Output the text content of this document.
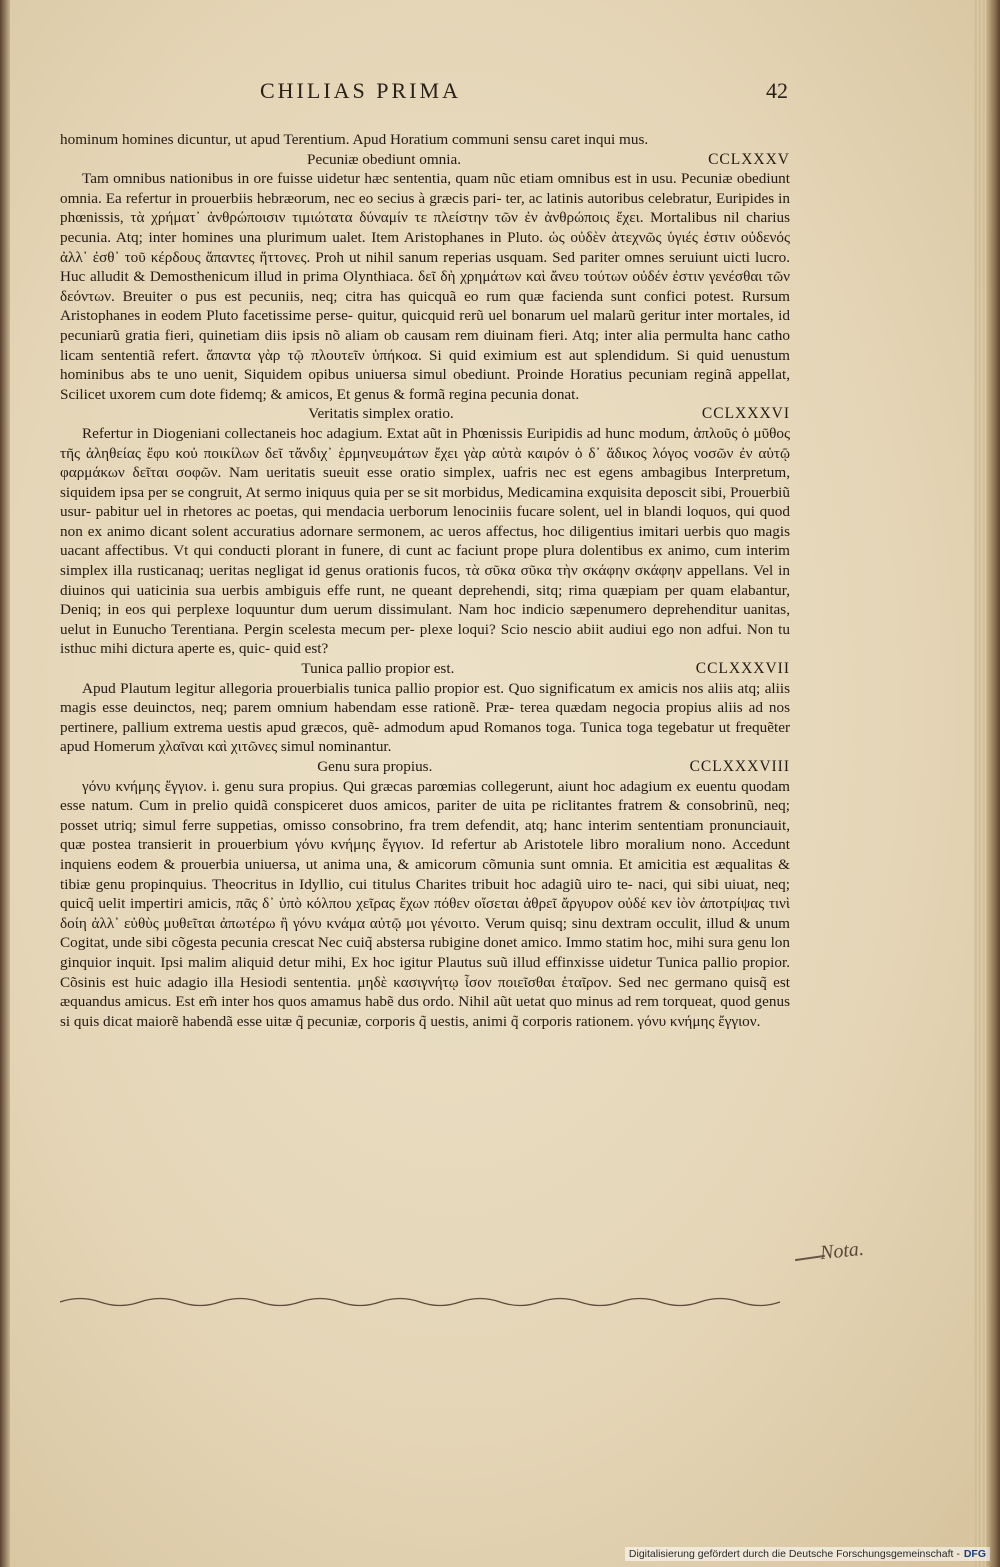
CHILIAS PRIMA	42

hominum homines dicuntur, ut apud Terentium. Apud Horatium communi sensu caret inqui mus.

Pecuniæ obediunt omnia.	CCLXXXV

Tam omnibus nationibus in ore fuisse uidetur hæc sententia, quam nũc etiam omnibus est in usu. Pecuniæ obediunt omnia. Ea refertur in prouerbiis hebræorum, nec eo secius à græcis pari- ter, ac latinis autoribus celebratur, Euripides in phœnissis, τὰ χρήματ᾽ ἀνθρώποισιν τιμιώτατα δύναμίν τε πλείστην τῶν ἐν ἀνθρώποις ἔχει. Mortalibus nil charius pecunia. Atq; inter homines una plurimum ualet. Item Aristophanes in Pluto. ὡς οὐδὲν ἀτεχνῶς ὑγιές ἐστιν οὐδενός ἀλλ᾽ ἐσθ᾽ τοῦ κέρδους ἅπαντες ἥττονες. Proh ut nihil sanum reperias usquam. Sed pariter omnes seruiunt uicti lucro. Huc alludit & Demosthenicum illud in prima Olynthiaca. δεῖ δὴ χρημάτων καὶ ἄνευ τούτων οὐδέν ἐστιν γενέσθαι τῶν δεόντων. Breuiter o pus est pecuniis, neq; citra has quicquã eo rum quæ facienda sunt confici potest. Rursum Aristophanes in eodem Pluto facetissime perse- quitur, quicquid rerũ uel bonarum uel malarũ geritur inter mortales, id pecuniarũ gratia fieri, quinetiam diis ipsis nõ aliam ob causam rem diuinam fieri. Atq; inter alia permulta hanc catho licam sententiã refert. ἅπαντα γὰρ τῷ πλουτεῖν ὑπήκοα. Si quid eximium est aut splendidum. Si quid uenustum hominibus abs te uno uenit, Siquidem opibus uniuersa simul obediunt. Proinde Horatius pecuniam reginã appellat, Scilicet uxorem cum dote fidemq; & amicos, Et genus & formã regina pecunia donat.

Veritatis simplex oratio.	CCLXXXVI

Refertur in Diogeniani collectaneis hoc adagium. Extat aũt in Phœnissis Euripidis ad hunc modum, ἁπλοῦς ὁ μῦθος τῆς ἀληθείας ἔφυ κοὐ ποικίλων δεῖ τἄνδιχ᾽ ἑρμηνευμάτων ἔχει γὰρ αὐτὰ καιρόν ὁ δ᾽ ἄδικος λόγος νοσῶν ἐν αὑτῷ φαρμάκων δεῖται σοφῶν. Nam ueritatis sueuit esse oratio simplex, uafris nec est egens ambagibus Interpretum, siquidem ipsa per se congruit, At sermo iniquus quia per se sit morbidus, Medicamina exquisita deposcit sibi, Prouerbiũ usur- pabitur uel in rhetores ac poetas, qui mendacia uerborum lenociniis fucare solent, uel in blandi loquos, qui quod non ex animo dicant solent accuratius adornare sermonem, ac ueros affectus, hoc diligentius imitari uerbis quo magis uacant affectibus. Vt qui conducti plorant in funere, di cunt ac faciunt prope plura dolentibus ex animo, cum interim simplex illa rusticanaq; ueritas negligat id genus orationis fucos, τὰ σῦκα σῦκα τὴν σκάφην σκάφην appellans. Vel in diuinos qui uaticinia sua uerbis ambiguis effe runt, ne queant deprehendi, sitq; rima quæpiam per quam elabantur, Deniq; in eos qui perplexe loquuntur dum uerum dissimulant. Nam hoc indicio sæpenumero deprehenditur uanitas, uelut in Eunucho Terentiana. Pergin scelesta mecum per- plexe loqui? Scio nescio abiit audiui ego non adfui. Non tu isthuc mihi dictura aperte es, quic- quid est?

Tunica pallio propior est.	CCLXXXVII

Apud Plautum legitur allegoria prouerbialis tunica pallio propior est. Quo significatum ex amicis nos aliis atq; aliis magis esse deuinctos, neq; parem omnium habendam esse rationẽ. Præ- terea quædam negocia propius aliis ad nos pertinere, pallium extrema uestis apud græcos, quẽ- admodum apud Romanos toga. Tunica toga tegebatur ut frequẽter apud Homerum χλαῖναι καὶ χιτῶνες simul nominantur.

Genu sura propius.	CCLXXXVIII

γόνυ κνήμης ἔγγιον. i. genu sura propius. Qui græcas parœmias collegerunt, aiunt hoc adagium ex euentu quodam esse natum. Cum in prelio quidã conspiceret duos amicos, pariter de uita pe riclitantes fratrem & consobrinũ, neq; posset utriq; simul ferre suppetias, omisso consobrino, fra trem defendit, atq; hanc interim sententiam pronunciauit, quæ postea transierit in prouerbium γόνυ κνήμης ἔγγιον. Id refertur ab Aristotele libro moralium nono. Accedunt inquiens eodem & prouerbia uniuersa, ut anima una, & amicorum cõmunia sunt omnia. Et amicitia est æqualitas & tibiæ genu propinquius. Theocritus in Idyllio, cui titulus Charites tribuit hoc adagiũ uiro te- naci, qui sibi uiuat, neq; quicq̃ uelit impertiri amicis, πᾶς δ᾽ ὑπὸ κόλπου χεῖρας ἔχων πόθεν οἴσεται ἀθρεῖ ἄργυρον οὐδέ κεν ἰὸν ἀποτρίψας τινὶ δοίη ἀλλ᾽ εὐθὺς μυθεῖται ἀπωτέρω ἢ γόνυ κνάμα αὐτῷ μοι γένοιτο. Verum quisq; sinu dextram occulit, illud & unum Cogitat, unde sibi cõgesta pecunia crescat Nec cuiq̃ abstersa rubigine donet amico. Immo statim hoc, mihi sura genu lon ginquior inquit. Ipsi malim aliquid detur mihi, Ex hoc igitur Plautus suũ illud effinxisse uidetur Tunica pallio propior. Cõsinis est huic adagio illa Hesiodi sententia. μηδὲ κασιγνήτῳ ἶσον ποιεῖσθαι ἑταῖρον. Sed nec germano quisq̃ est æquandus amicus. Est em̃ inter hos quos amamus habẽ dus ordo. Nihil aũt uetat quo minus ad rem torqueat, quod genus si quis dicat maiorẽ habendã esse uitæ q̃ pecuniæ, corporis q̃ uestis, animi q̃ corporis rationem. γόνυ κνήμης ἔγγιον.

Nota.
Digitalisierung gefördert durch die Deutsche Forschungsgemeinschaft - DFG
